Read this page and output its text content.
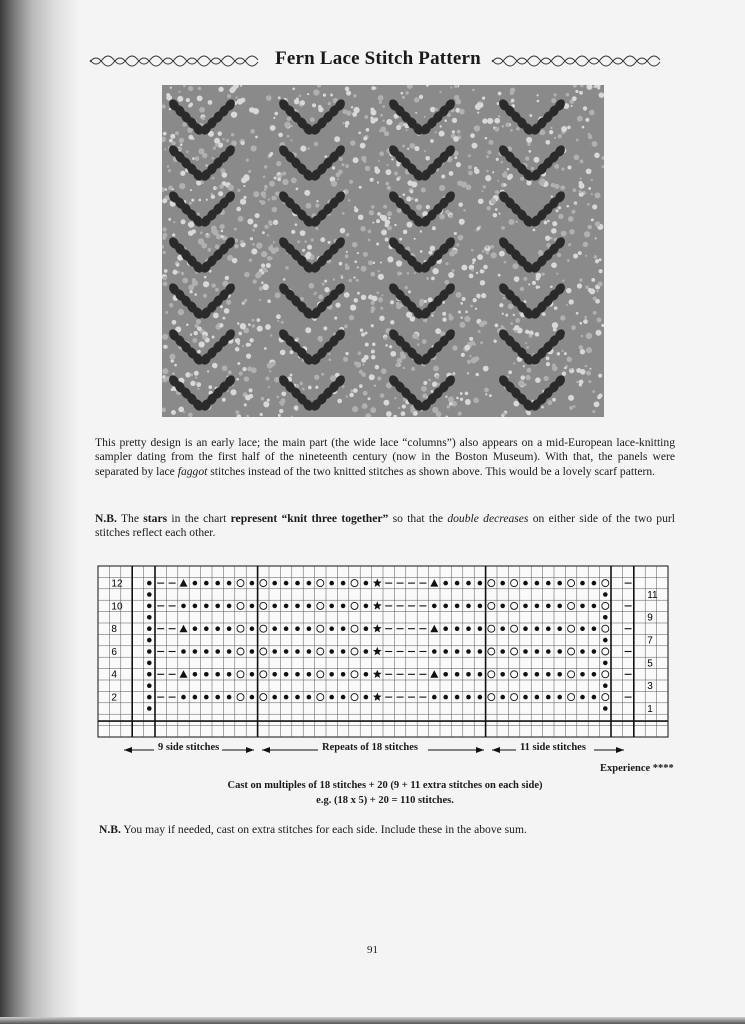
Fern Lace Stitch Pattern

This pretty design is an early lace; the main part (the wide lace “columns”) also appears on a mid-European lace-knitting sampler dating from the first half of the nineteenth century (now in the Boston Museum). With that, the panels were separated by lace faggot stitches instead of the two knitted stitches as shown above. This would be a lovely scarf pattern.

N.B. The stars in the chart represent “knit three together” so that the double decreases on either side of the two purl stitches reflect each other.

12
10
8
6
4
2
11
9
7
5
3
1
9 side stitches	Repeats of 18 stitches	11 side stitches
Experience ****
Cast on multiples of 18 stitches + 20 (9 + 11 extra stitches on each side)
e.g. (18 x 5) + 20 = 110 stitches.
N.B. You may if needed, cast on extra stitches for each side. Include these in the above sum.
91
